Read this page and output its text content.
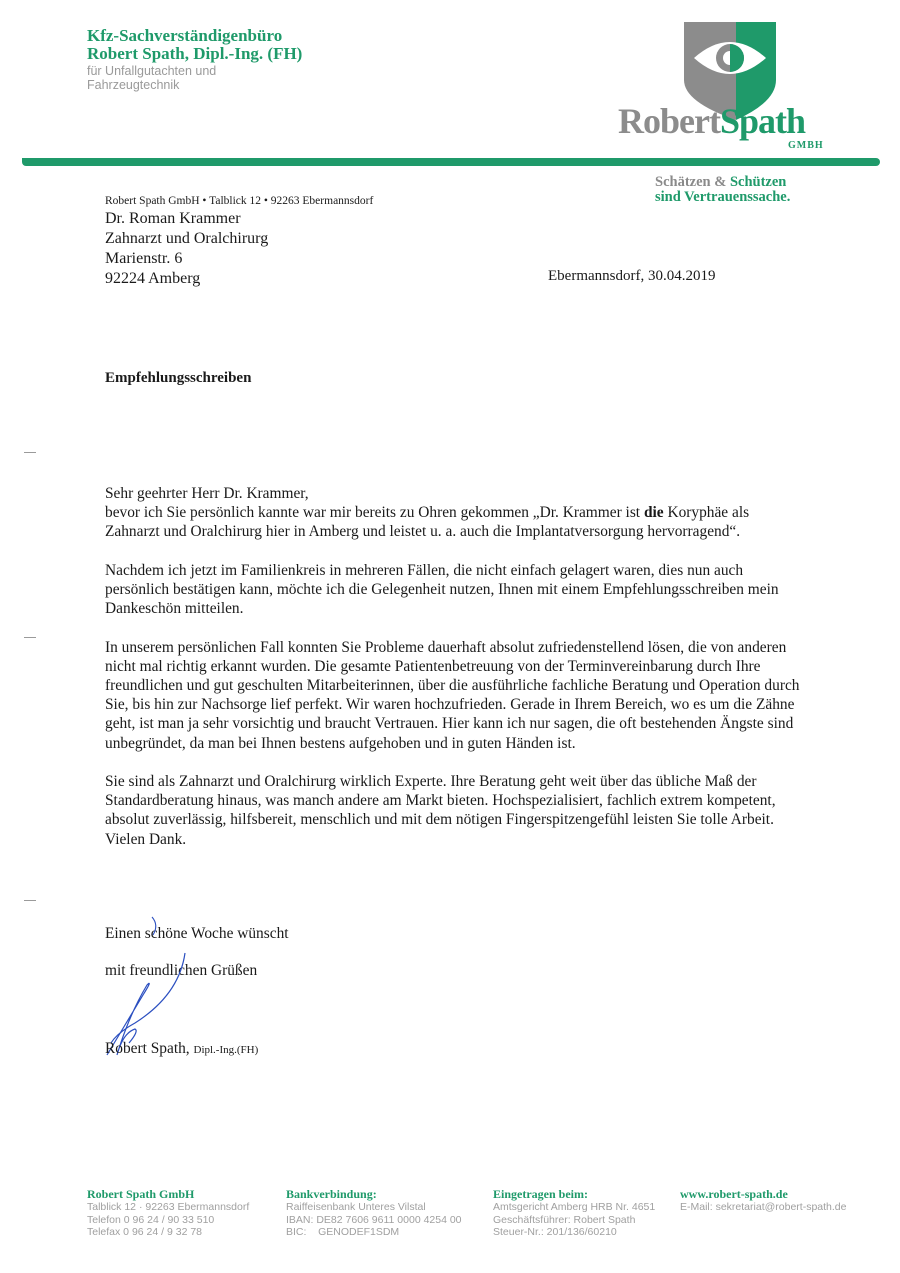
Kfz-Sachverständigenbüro
Robert Spath, Dipl.-Ing. (FH)
für Unfallgutachten und
Fahrzeugtechnik
RobertSpath
GMBH
Schätzen & Schützen
sind Vertrauenssache.
Robert Spath GmbH • Talblick 12 • 92263 Ebermannsdorf
Dr. Roman Krammer
Zahnarzt und Oralchirurg
Marienstr. 6
92224 Amberg	Ebermannsdorf, 30.04.2019
Empfehlungsschreiben

Sehr geehrter Herr Dr. Krammer,

bevor ich Sie persönlich kannte war mir bereits zu Ohren gekommen „Dr. Krammer ist die Koryphäe als Zahnarzt und Oralchirurg hier in Amberg und leistet u. a. auch die Implantatversorgung hervorragend“.

Nachdem ich jetzt im Familienkreis in mehreren Fällen, die nicht einfach gelagert waren, dies nun auch persönlich bestätigen kann, möchte ich die Gelegenheit nutzen, Ihnen mit einem Empfehlungsschreiben mein Dankeschön mitteilen.

In unserem persönlichen Fall konnten Sie Probleme dauerhaft absolut zufriedenstellend lösen, die von anderen nicht mal richtig erkannt wurden. Die gesamte Patientenbetreuung von der Terminvereinbarung durch Ihre freundlichen und gut geschulten Mitarbeiterinnen, über die ausführliche fachliche Beratung und Operation durch Sie, bis hin zur Nachsorge lief perfekt. Wir waren hochzufrieden. Gerade in Ihrem Bereich, wo es um die Zähne geht, ist man ja sehr vorsichtig und braucht Vertrauen. Hier kann ich nur sagen, die oft bestehenden Ängste sind unbegründet, da man bei Ihnen bestens aufgehoben und in guten Händen ist.

Sie sind als Zahnarzt und Oralchirurg wirklich Experte. Ihre Beratung geht weit über das übliche Maß der Standardberatung hinaus, was manch andere am Markt bieten. Hochspezialisiert, fachlich extrem kompetent, absolut zuverlässig, hilfsbereit, menschlich und mit dem nötigen Fingerspitzengefühl leisten Sie tolle Arbeit.

Vielen Dank.

Einen schöne Woche wünscht
mit freundlichen Grüßen
Robert Spath, Dipl.-Ing.(FH)
Robert Spath GmbH
Talblick 12 · 92263 Ebermannsdorf
Telefon 0 96 24 / 90 33 510
Telefax 0 96 24 / 9 32 78
Bankverbindung:
Raiffeisenbank Unteres Vilstal
IBAN: DE82 7606 9611 0000 4254 00
BIC:    GENODEF1SDM
Eingetragen beim:
Amtsgericht Amberg HRB Nr. 4651
Geschäftsführer: Robert Spath
Steuer-Nr.: 201/136/60210
www.robert-spath.de
E-Mail: sekretariat@robert-spath.de
